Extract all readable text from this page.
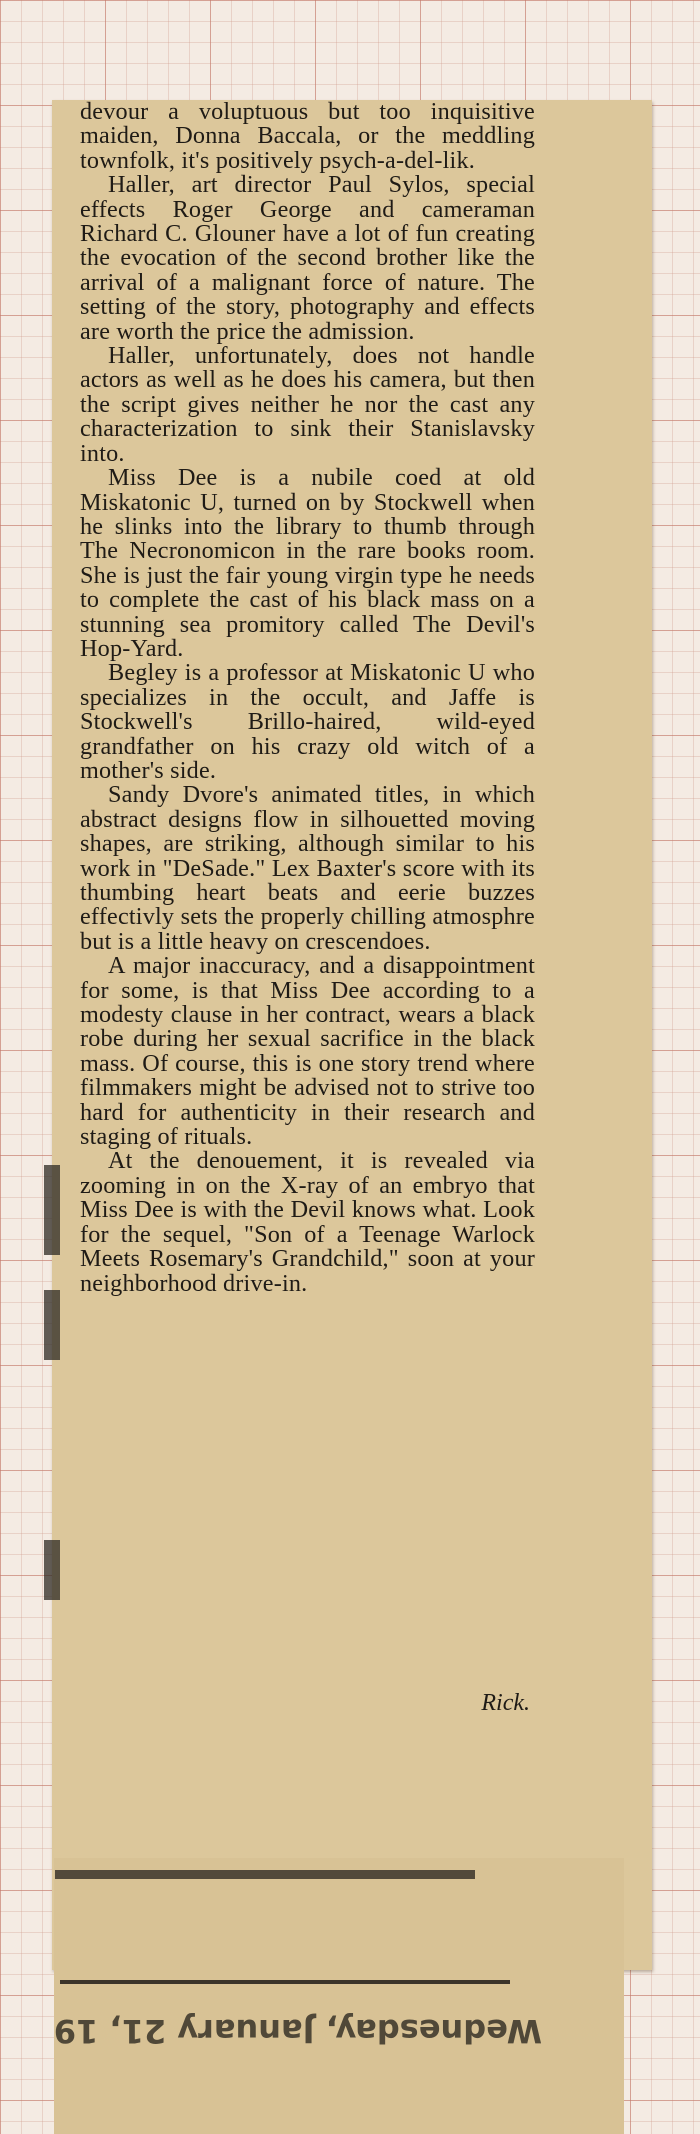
devour a voluptuous but too inquisitive maiden, Donna Baccala, or the meddling townfolk, it's positively psych-a-del-lik.

Haller, art director Paul Sylos, special effects Roger George and cameraman Richard C. Glouner have a lot of fun creating the evocation of the second brother like the arrival of a malignant force of nature. The setting of the story, photography and effects are worth the price the admission.

Haller, unfortunately, does not handle actors as well as he does his camera, but then the script gives neither he nor the cast any characterization to sink their Stanislavsky into.

Miss Dee is a nubile coed at old Miskatonic U, turned on by Stockwell when he slinks into the library to thumb through The Necronomicon in the rare books room. She is just the fair young virgin type he needs to complete the cast of his black mass on a stunning sea promitory called The Devil's Hop-Yard.

Begley is a professor at Miskatonic U who specializes in the occult, and Jaffe is Stockwell's Brillo-haired, wild-eyed grandfather on his crazy old witch of a mother's side.

Sandy Dvore's animated titles, in which abstract designs flow in silhouetted moving shapes, are striking, although similar to his work in "DeSade." Lex Baxter's score with its thumbing heart beats and eerie buzzes effectivly sets the properly chilling atmosphre but is a little heavy on crescendoes.

A major inaccuracy, and a disappointment for some, is that Miss Dee according to a modesty clause in her contract, wears a black robe during her sexual sacrifice in the black mass. Of course, this is one story trend where filmmakers might be advised not to strive too hard for authenticity in their research and staging of rituals.

At the denouement, it is revealed via zooming in on the X-ray of an embryo that Miss Dee is with the Devil knows what. Look for the sequel, "Son of a Teenage Warlock Meets Rosemary's Grandchild," soon at your neighborhood drive-in.

Rick.
Wednesday, January 21, 19
